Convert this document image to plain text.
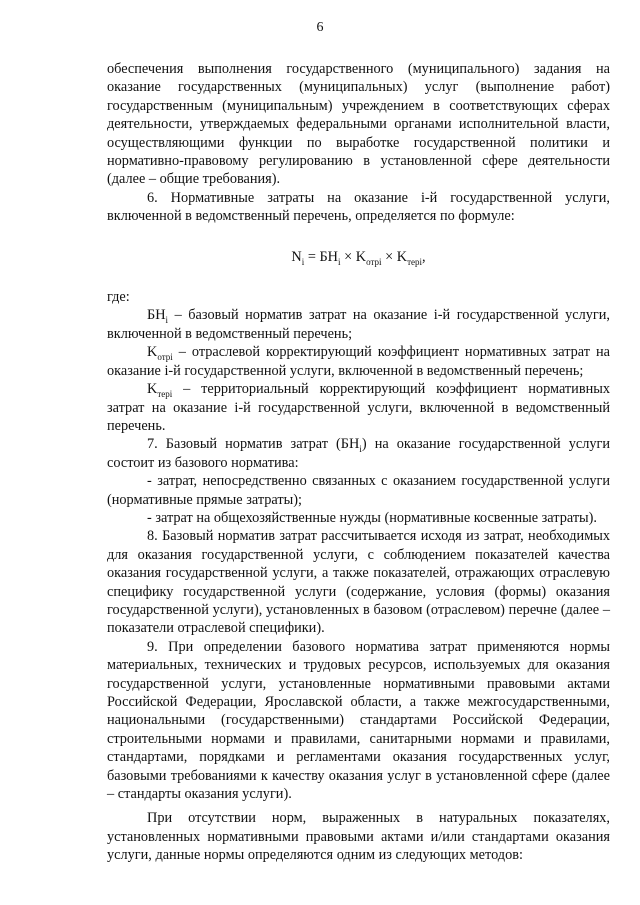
6

обеспечения выполнения государственного (муниципального) задания на оказание государственных (муниципальных) услуг (выполнение работ) государственным (муниципальным) учреждением в соответствующих сферах деятельности, утверждаемых федеральными органами исполнительной власти, осуществляющими функции по выработке государственной политики и нормативно-правовому регулированию в установленной сфере деятельности (далее – общие требования).

6. Нормативные затраты на оказание i-й государственной услуги, включенной в ведомственный перечень, определяется по формуле:

$N_i = БН_i \times K_{отрi} \times K_{терi}$,

где:

$БН_i$ – базовый норматив затрат на оказание i-й государственной услуги, включенной в ведомственный перечень;

$K_{отрi}$ – отраслевой корректирующий коэффициент нормативных затрат на оказание i-й государственной услуги, включенной в ведомственный перечень;

$K_{терi}$ – территориальный корректирующий коэффициент нормативных затрат на оказание i-й государственной услуги, включенной в ведомственный перечень.

7. Базовый норматив затрат $(БН_i)$ на оказание государственной услуги состоит из базового норматива:

- затрат, непосредственно связанных с оказанием государственной услуги (нормативные прямые затраты);

- затрат на общехозяйственные нужды (нормативные косвенные затраты).

8. Базовый норматив затрат рассчитывается исходя из затрат, необходимых для оказания государственной услуги, с соблюдением показателей качества оказания государственной услуги, а также показателей, отражающих отраслевую специфику государственной услуги (содержание, условия (формы) оказания государственной услуги), установленных в базовом (отраслевом) перечне (далее – показатели отраслевой специфики).

9. При определении базового норматива затрат применяются нормы материальных, технических и трудовых ресурсов, используемых для оказания государственной услуги, установленные нормативными правовыми актами Российской Федерации, Ярославской области, а также межгосударственными, национальными (государственными) стандартами Российской Федерации, строительными нормами и правилами, санитарными нормами и правилами, стандартами, порядками и регламентами оказания государственных услуг, базовыми требованиями к качеству оказания услуг в установленной сфере (далее – стандарты оказания услуги).

При отсутствии норм, выраженных в натуральных показателях, установленных нормативными правовыми актами и/или стандартами оказания услуги, данные нормы определяются одним из следующих методов:
